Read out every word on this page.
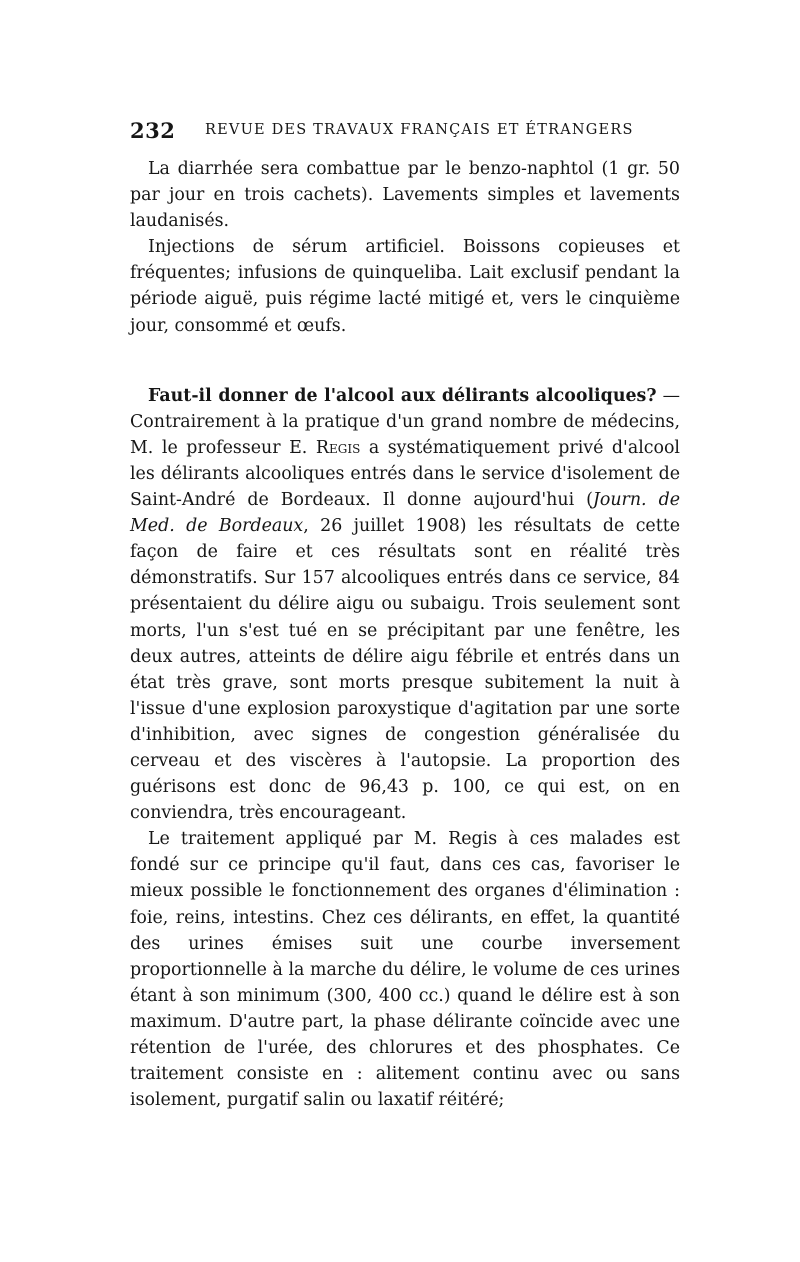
232 REVUE DES TRAVAUX FRANÇAIS ET ÉTRANGERS

La diarrhée sera combattue par le benzo-naphtol (1 gr. 50 par jour en trois cachets). Lavements simples et lavements laudanisés.

Injections de sérum artificiel. Boissons copieuses et fréquentes; infusions de quinqueliba. Lait exclusif pendant la période aiguë, puis régime lacté mitigé et, vers le cinquième jour, consommé et œufs.

Faut-il donner de l'alcool aux délirants alcooliques? — Contrairement à la pratique d'un grand nombre de médecins, M. le professeur E. Regis a systématiquement privé d'alcool les délirants alcooliques entrés dans le service d'isolement de Saint-André de Bordeaux. Il donne aujourd'hui (Journ. de Med. de Bordeaux, 26 juillet 1908) les résultats de cette façon de faire et ces résultats sont en réalité très démonstratifs. Sur 157 alcooliques entrés dans ce service, 84 présentaient du délire aigu ou subaigu. Trois seulement sont morts, l'un s'est tué en se précipitant par une fenêtre, les deux autres, atteints de délire aigu fébrile et entrés dans un état très grave, sont morts presque subitement la nuit à l'issue d'une explosion paroxystique d'agitation par une sorte d'inhibition, avec signes de congestion généralisée du cerveau et des viscères à l'autopsie. La proportion des guérisons est donc de 96,43 p. 100, ce qui est, on en conviendra, très encourageant.

Le traitement appliqué par M. Regis à ces malades est fondé sur ce principe qu'il faut, dans ces cas, favoriser le mieux possible le fonctionnement des organes d'élimination : foie, reins, intestins. Chez ces délirants, en effet, la quantité des urines émises suit une courbe inversement proportionnelle à la marche du délire, le volume de ces urines étant à son minimum (300, 400 cc.) quand le délire est à son maximum. D'autre part, la phase délirante coïncide avec une rétention de l'urée, des chlorures et des phosphates. Ce traitement consiste en : alitement continu avec ou sans isolement, purgatif salin ou laxatif réitéré;
